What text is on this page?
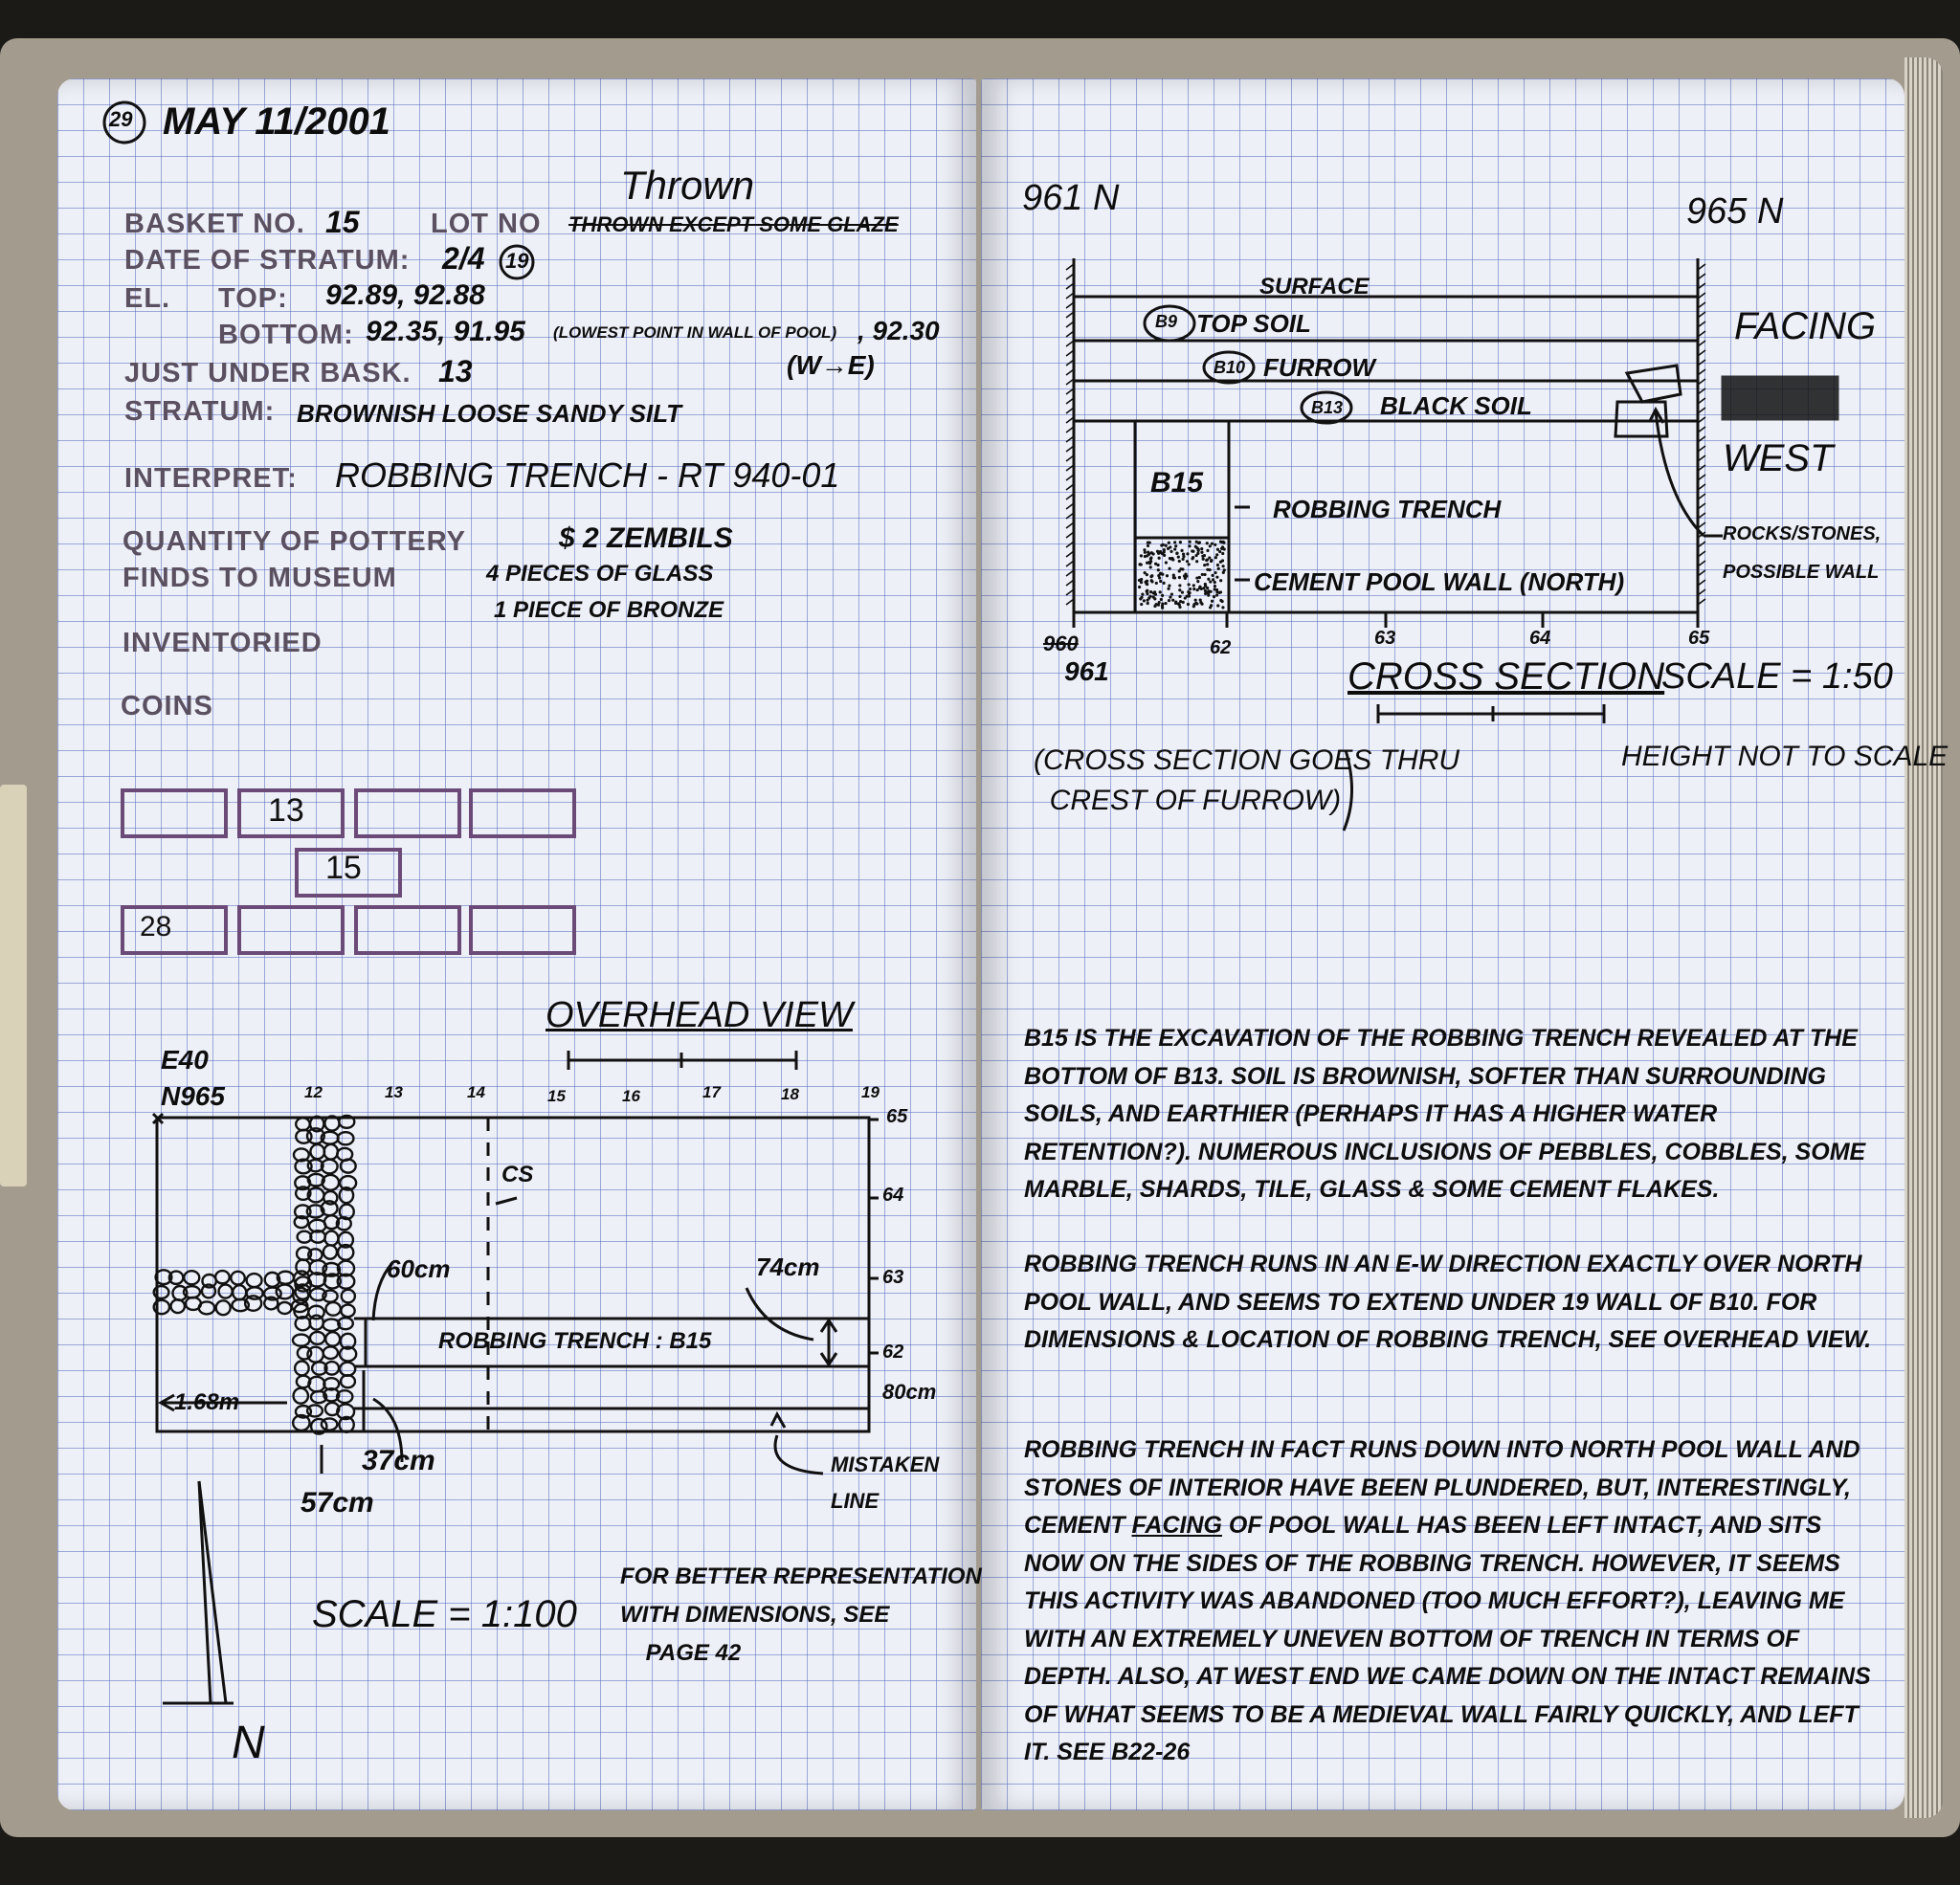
29 MAY 11/2001
Thrown
BASKET NO. 15	LOT NO THROWN EXCEPT SOME GLAZE
DATE OF STRATUM: 2/4 19
EL. TOP: 92.89, 92.88
BOTTOM: 92.35, 91.95 (LOWEST POINT IN WALL OF POOL) , 92.30
(W→E)
JUST UNDER BASK. 13
STRATUM: BROWNISH LOOSE SANDY SILT
INTERPRET: ROBBING TRENCH - RT 940-01
QUANTITY OF POTTERY	$ 2 ZEMBILS
FINDS TO MUSEUM	4 PIECES OF GLASS
1 PIECE OF BRONZE
INVENTORIED
COINS
13
15
28
OVERHEAD VIEW
E40
N965	12	13	14	15	16	17	18	19
65
64
63
62
CS
60cm	74cm
80cm
1.68m
37cm
57cm
ROBBING TRENCH : B15
MISTAKEN
LINE
N
SCALE = 1:100
FOR BETTER REPRESENTATION
WITH DIMENSIONS, SEE
PAGE 42
961 N	965 N
SURFACE
B9 TOP SOIL
B10 FURROW
B13 BLACK SOIL
B15
ROBBING TRENCH
CEMENT POOL WALL (NORTH)
FACING
WEST
ROCKS/STONES,
POSSIBLE WALL
960
961
62	63	64	65
CROSS SECTION
SCALE = 1:50
(CROSS SECTION GOES THRU
CREST OF FURROW)
HEIGHT NOT TO SCALE
B15 IS THE EXCAVATION OF THE ROBBING TRENCH REVEALED AT THE BOTTOM OF B13. SOIL IS BROWNISH, SOFTER THAN SURROUNDING SOILS, AND EARTHIER (PERHAPS IT HAS A HIGHER WATER RETENTION?). NUMEROUS INCLUSIONS OF PEBBLES, COBBLES, SOME MARBLE, SHARDS, TILE, GLASS & SOME CEMENT FLAKES.
ROBBING TRENCH RUNS IN AN E-W DIRECTION EXACTLY OVER NORTH POOL WALL, AND SEEMS TO EXTEND UNDER 19 WALL OF B10. FOR DIMENSIONS & LOCATION OF ROBBING TRENCH, SEE OVERHEAD VIEW.
ROBBING TRENCH IN FACT RUNS DOWN INTO NORTH POOL WALL AND STONES OF INTERIOR HAVE BEEN PLUNDERED, BUT, INTERESTINGLY, CEMENT FACING OF POOL WALL HAS BEEN LEFT INTACT, AND SITS NOW ON THE SIDES OF THE ROBBING TRENCH. HOWEVER, IT SEEMS THIS ACTIVITY WAS ABANDONED (TOO MUCH EFFORT?), LEAVING ME WITH AN EXTREMELY UNEVEN BOTTOM OF TRENCH IN TERMS OF DEPTH. ALSO, AT WEST END WE CAME DOWN ON THE INTACT REMAINS OF WHAT SEEMS TO BE A MEDIEVAL WALL FAIRLY QUICKLY, AND LEFT IT. SEE B22-26
